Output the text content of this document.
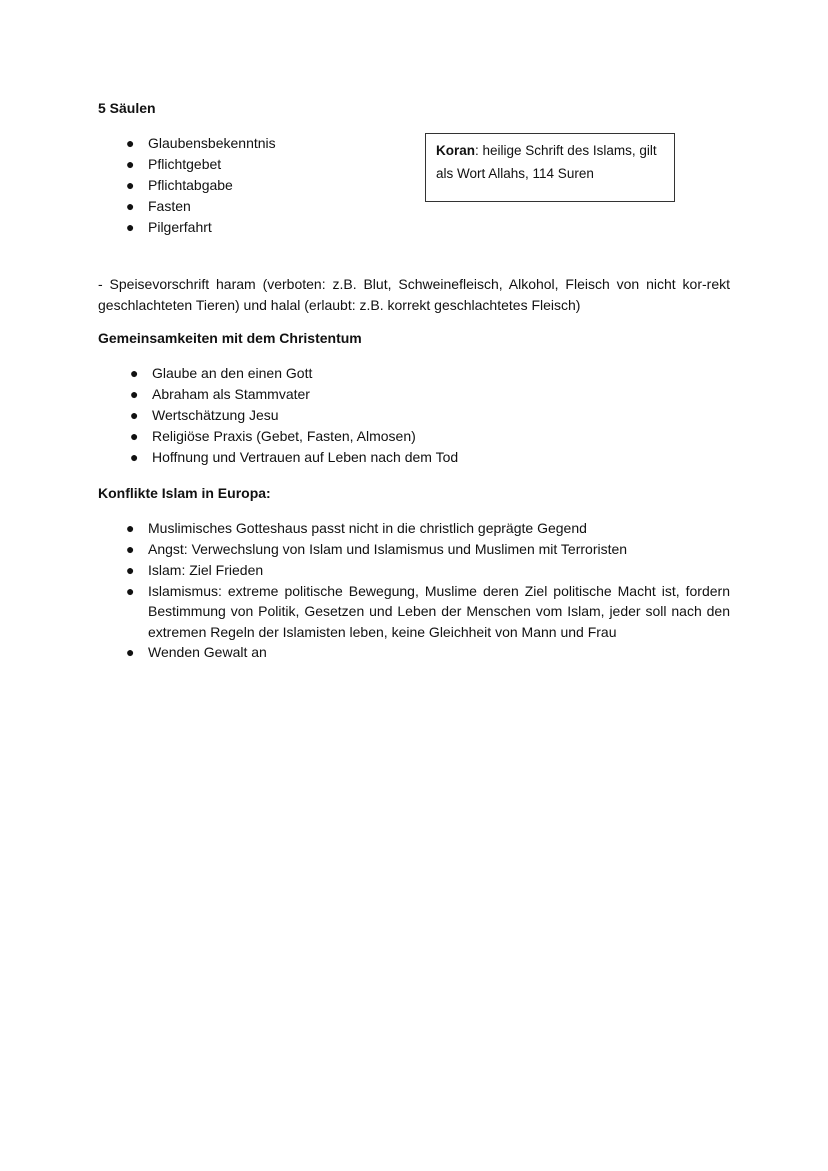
5 Säulen
● Glaubensbekenntnis
● Pflichtgebet
● Pflichtabgabe
● Fasten
● Pilgerfahrt
Koran: heilige Schrift des Islams, gilt als Wort Allahs, 114 Suren
- Speisevorschrift haram (verboten: z.B. Blut, Schweinefleisch, Alkohol, Fleisch von nicht kor-rekt geschlachteten Tieren) und halal (erlaubt: z.B. korrekt geschlachtetes Fleisch)
Gemeinsamkeiten mit dem Christentum
● Glaube an den einen Gott
● Abraham als Stammvater
● Wertschätzung Jesu
● Religiöse Praxis (Gebet, Fasten, Almosen)
● Hoffnung und Vertrauen auf Leben nach dem Tod
Konflikte Islam in Europa:
● Muslimisches Gotteshaus passt nicht in die christlich geprägte Gegend
● Angst: Verwechslung von Islam und Islamismus und Muslimen mit Terroristen
● Islam: Ziel Frieden
● Islamismus: extreme politische Bewegung, Muslime deren Ziel politische Macht ist, fordern Bestimmung von Politik, Gesetzen und Leben der Menschen vom Islam, jeder soll nach den extremen Regeln der Islamisten leben, keine Gleichheit von Mann und Frau
● Wenden Gewalt an
